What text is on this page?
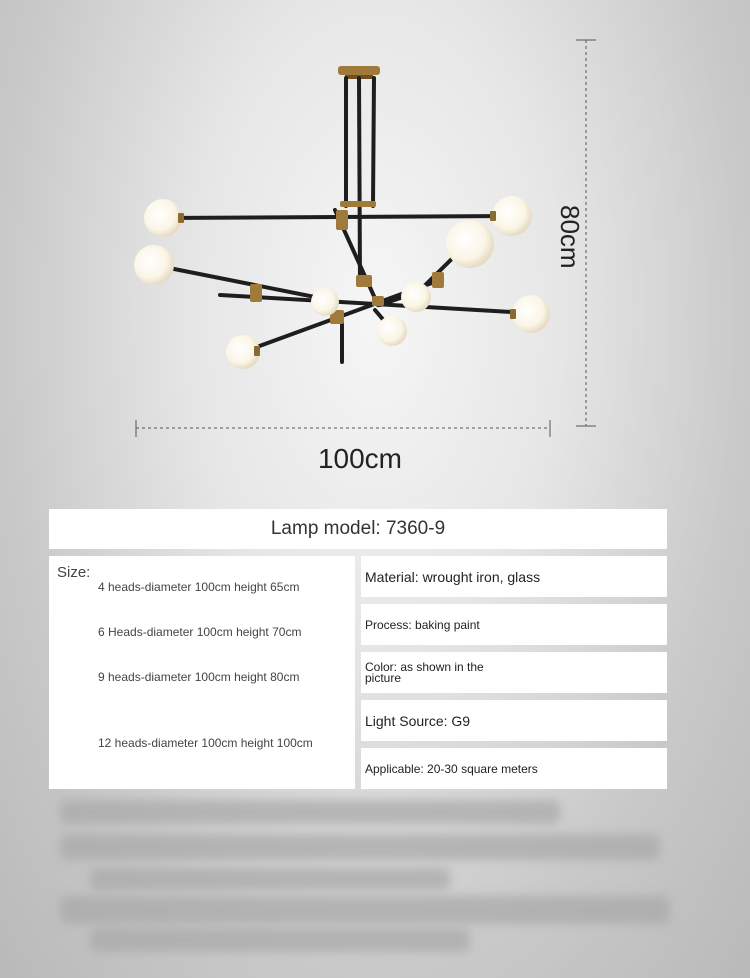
100cm
80cm
Lamp model: 7360-9
Size:
4 heads-diameter 100cm height 65cm
6 Heads-diameter 100cm height 70cm
9 heads-diameter 100cm height 80cm
12 heads-diameter 100cm height 100cm
Material: wrought iron, glass
Process: baking paint
Color: as shown in the picture
Light Source: G9
Applicable: 20-30 square meters
